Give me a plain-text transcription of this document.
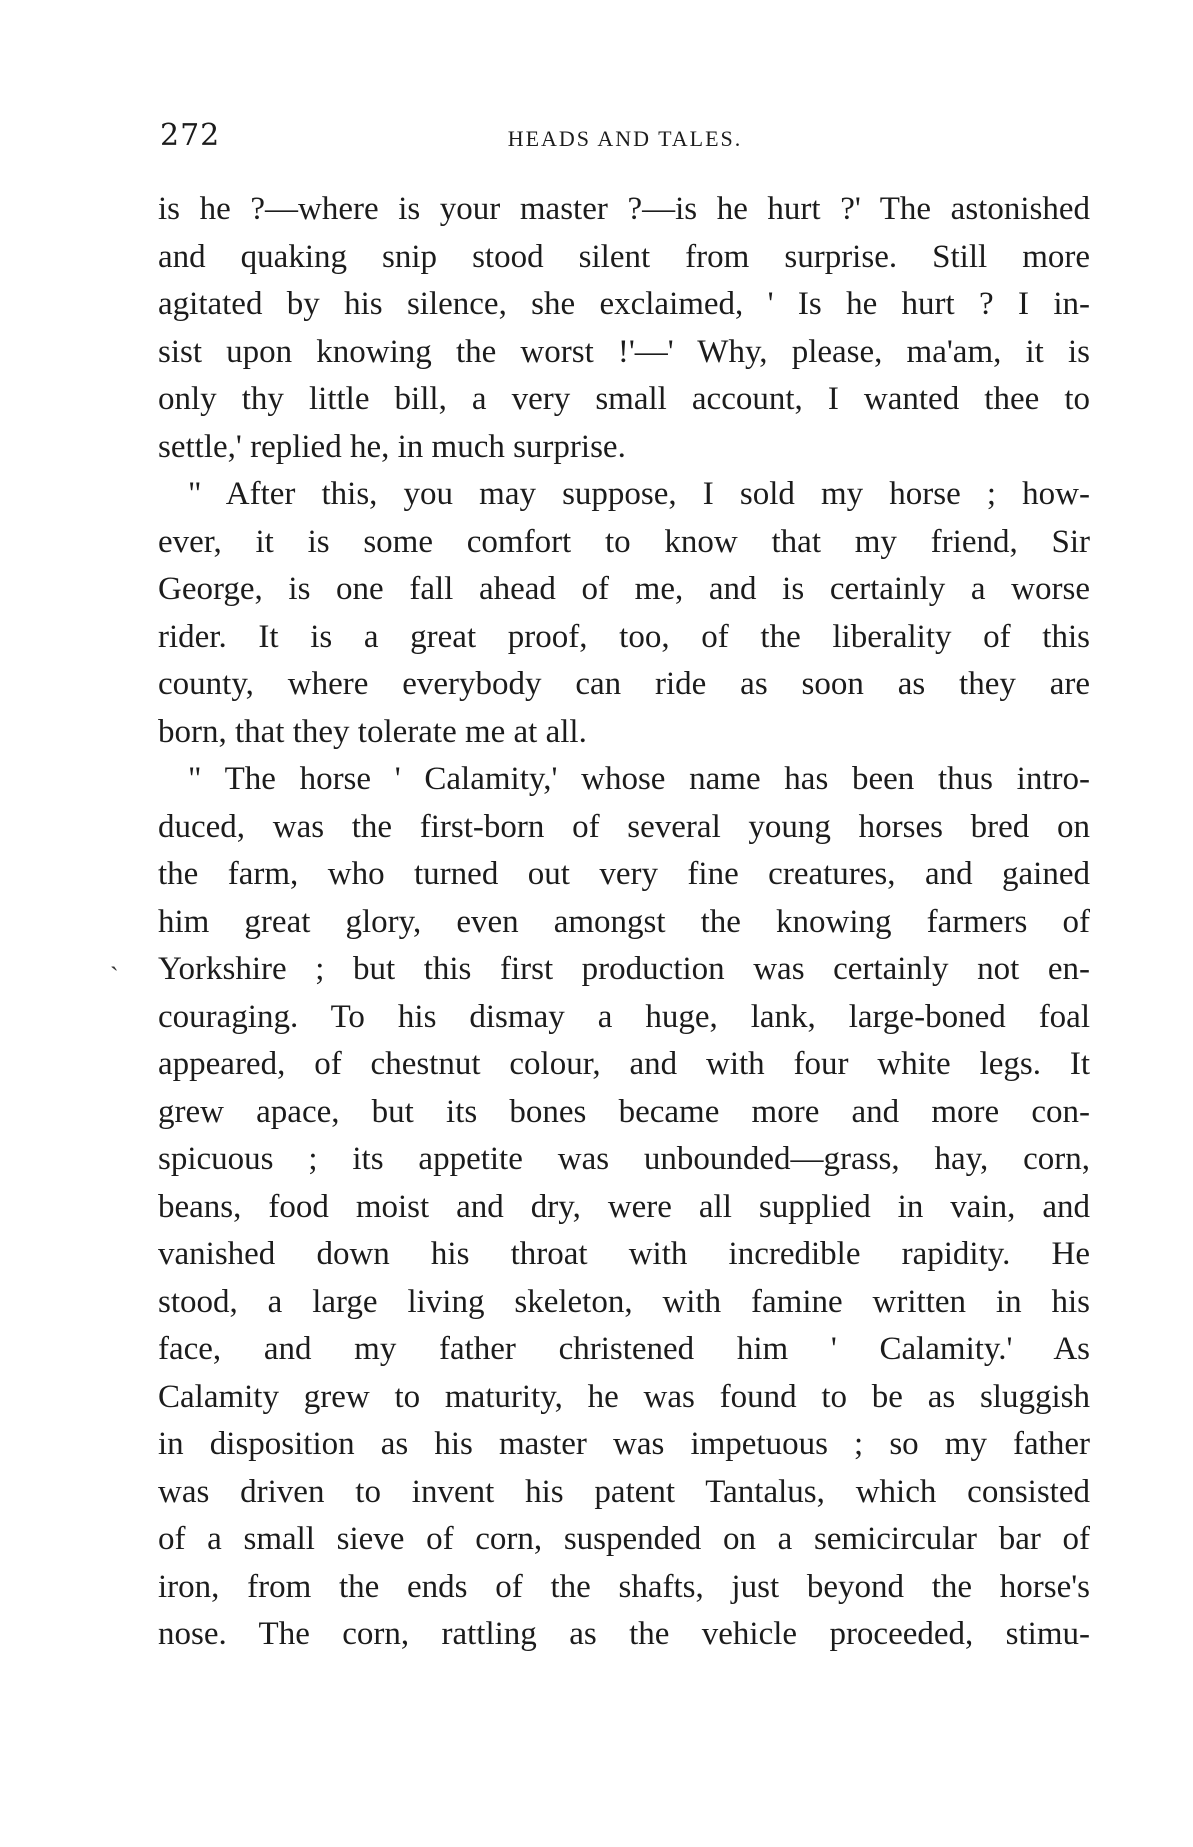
272	HEADS AND TALES.
`
is he ?—where is your master ?—is he hurt ?' The astonished
and quaking snip stood silent from surprise. Still more
agitated by his silence, she exclaimed, ' Is he hurt ? I in-
sist upon knowing the worst !'—' Why, please, ma'am, it is
only thy little bill, a very small account, I wanted thee to
settle,' replied he, in much surprise.
" After this, you may suppose, I sold my horse ; how-
ever, it is some comfort to know that my friend, Sir
George, is one fall ahead of me, and is certainly a worse
rider. It is a great proof, too, of the liberality of this
county, where everybody can ride as soon as they are
born, that they tolerate me at all.
" The horse ' Calamity,' whose name has been thus intro-
duced, was the first-born of several young horses bred on
the farm, who turned out very fine creatures, and gained
him great glory, even amongst the knowing farmers of
Yorkshire ; but this first production was certainly not en-
couraging. To his dismay a huge, lank, large-boned foal
appeared, of chestnut colour, and with four white legs. It
grew apace, but its bones became more and more con-
spicuous ; its appetite was unbounded—grass, hay, corn,
beans, food moist and dry, were all supplied in vain, and
vanished down his throat with incredible rapidity. He
stood, a large living skeleton, with famine written in his
face, and my father christened him ' Calamity.' As
Calamity grew to maturity, he was found to be as sluggish
in disposition as his master was impetuous ; so my father
was driven to invent his patent Tantalus, which consisted
of a small sieve of corn, suspended on a semicircular bar of
iron, from the ends of the shafts, just beyond the horse's
nose. The corn, rattling as the vehicle proceeded, stimu-
